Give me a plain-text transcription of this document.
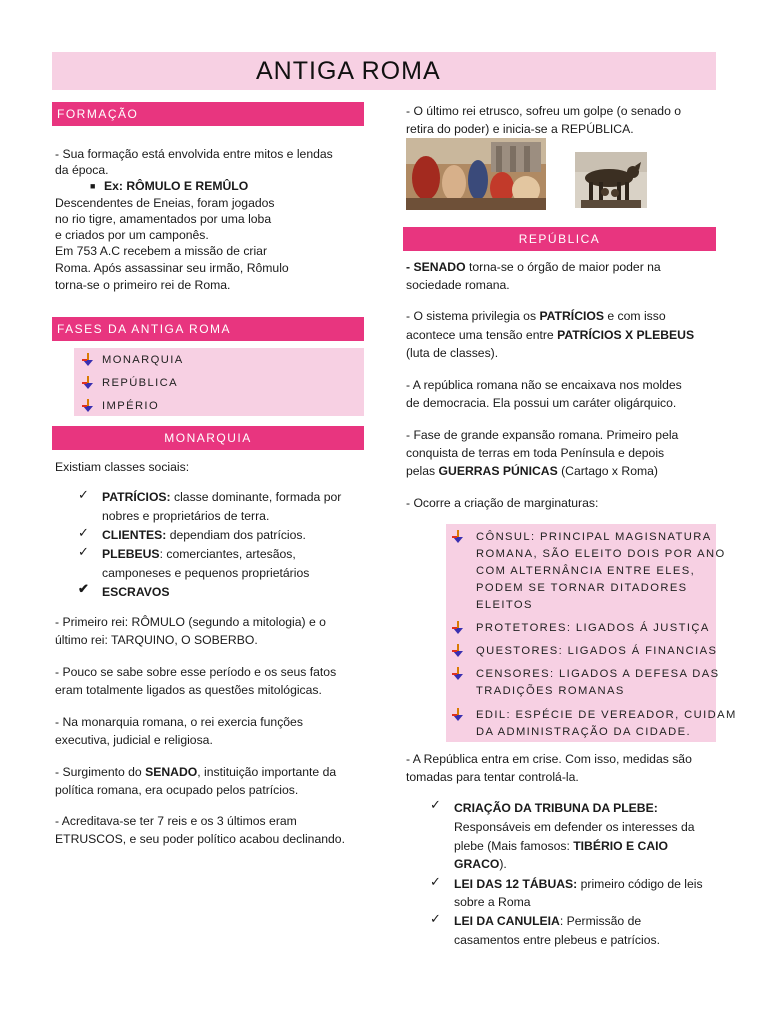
ANTIGA ROMA
FORMAÇÃO
- Sua formação está envolvida entre mitos e lendas
da época.
■ Ex: RÔMULO E REMÛLO
Descendentes de Eneias, foram jogados
no rio tigre, amamentados por uma loba
e criados por um camponês.
Em 753 A.C recebem a missão de criar
Roma. Após assassinar seu irmão, Rômulo
torna-se o primeiro rei de Roma.
FASES DA ANTIGA ROMA
MONARQUIA
REPÚBLICA
IMPÉRIO
MONARQUIA
Existiam classes sociais:
✓ PATRÍCIOS: classe dominante, formada por
nobres e proprietários de terra.
✓ CLIENTES: dependiam dos patrícios.
✓ PLEBEUS: comerciantes, artesãos,
camponeses e pequenos proprietários
✔ ESCRAVOS
- Primeiro rei: RÔMULO (segundo a mitologia) e o
último rei: TARQUINO, O SOBERBO.
- Pouco se sabe sobre esse período e os seus fatos
eram totalmente ligados as questões mitológicas.
- Na monarquia romana, o rei exercia funções
executiva, judicial e religiosa.
- Surgimento do SENADO, instituição importante da
política romana, era ocupado pelos patrícios.
- Acreditava-se ter 7 reis e os 3 últimos eram
ETRUSCOS, e seu poder político acabou declinando.
- O último rei etrusco, sofreu um golpe (o senado o
retira do poder) e inicia-se a REPÚBLICA.
REPÚBLICA
- SENADO torna-se o órgão de maior poder na
sociedade romana.
- O sistema privilegia os PATRÍCIOS e com isso
acontece uma tensão entre PATRÍCIOS X PLEBEUS
(luta de classes).
- A república romana não se encaixava nos moldes
de democracia. Ela possui um caráter oligárquico.
- Fase de grande expansão romana. Primeiro pela
conquista de terras em toda Península e depois
pelas GUERRAS PÚNICAS (Cartago x Roma)
- Ocorre a criação de marginaturas:
CÔNSUL: PRINCIPAL MAGISNATURA
ROMANA, SÃO ELEITO DOIS POR ANO
COM ALTERNÂNCIA ENTRE ELES,
PODEM SE TORNAR DITADORES
ELEITOS
PROTETORES: LIGADOS Á JUSTIÇA
QUESTORES: LIGADOS Á FINANCIAS
CENSORES: LIGADOS A DEFESA DAS
TRADIÇÕES ROMANAS
EDIL: ESPÉCIE DE VEREADOR, CUIDAM
DA ADMINISTRAÇÃO DA CIDADE.
- A República entra em crise. Com isso, medidas são
tomadas para tentar controlá-la.
✓ CRIAÇÃO DA TRIBUNA DA PLEBE:
Responsáveis em defender os interesses da
plebe (Mais famosos: TIBÉRIO E CAIO
GRACO).
✓ LEI DAS 12 TÁBUAS: primeiro código de leis
sobre a Roma
✓ LEI DA CANULEIA: Permissão de
casamentos entre plebeus e patrícios.
